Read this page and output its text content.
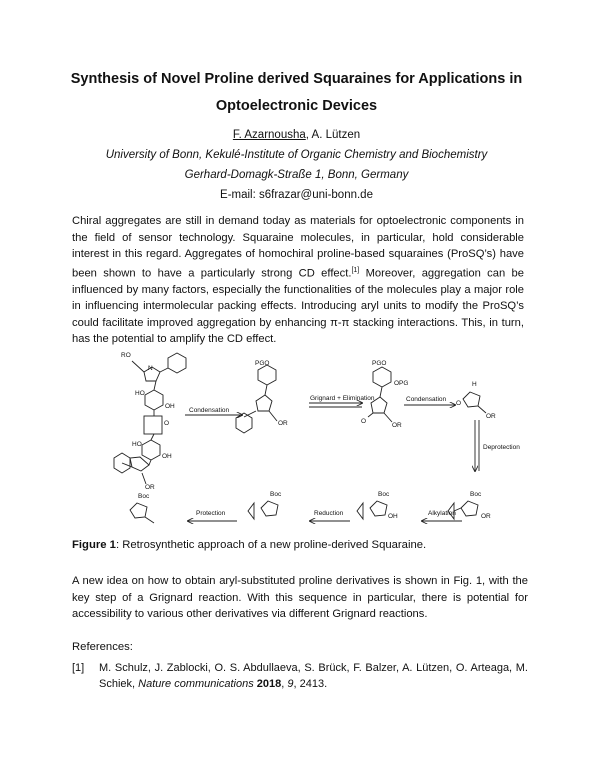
Synthesis of Novel Proline derived Squaraines for Applications in
Optoelectronic Devices
F. Azarnousha, A. Lützen
University of Bonn, Kekulé-Institute of Organic Chemistry and Biochemistry
Gerhard-Domagk-Straße 1, Bonn, Germany
E-mail: s6frazar@uni-bonn.de
Chiral aggregates are still in demand today as materials for optoelectronic components in the field of sensor technology. Squaraine molecules, in particular, hold considerable interest in this regard. Aggregates of homochiral proline-based squaraines (ProSQ’s) have been shown to have a particularly strong CD effect.[1] Moreover, aggregation can be influenced by many factors, especially the functionalities of the molecules play a major role in influencing intermolecular packing effects. Introducing aryl units to modify the ProSQ’s could facilitate improved aggregation by enhancing π-π stacking interactions. This, in turn, has the potential to amplify the CD effect.
Condensation
Grignard + Elimination	Condensation
Deprotection
Alkylation
Reduction
Protection
RO
N
HO
OH
O
HO
OH
OR
PGO
OR
PGO
OPG
O
OR
H
O
OR
Boc
OR
Boc
OH
Boc
Boc
Figure 1: Retrosynthetic approach of a new proline-derived Squaraine.
A new idea on how to obtain aryl-substituted proline derivatives is shown in Fig. 1, with the key step of a Grignard reaction. With this sequence in particular, there is potential for accessibility to various other derivatives via different Grignard reactions.
References:
[1] M. Schulz, J. Zablocki, O. S. Abdullaeva, S. Brück, F. Balzer, A. Lützen, O. Arteaga, M. Schiek, Nature communications 2018, 9, 2413.
